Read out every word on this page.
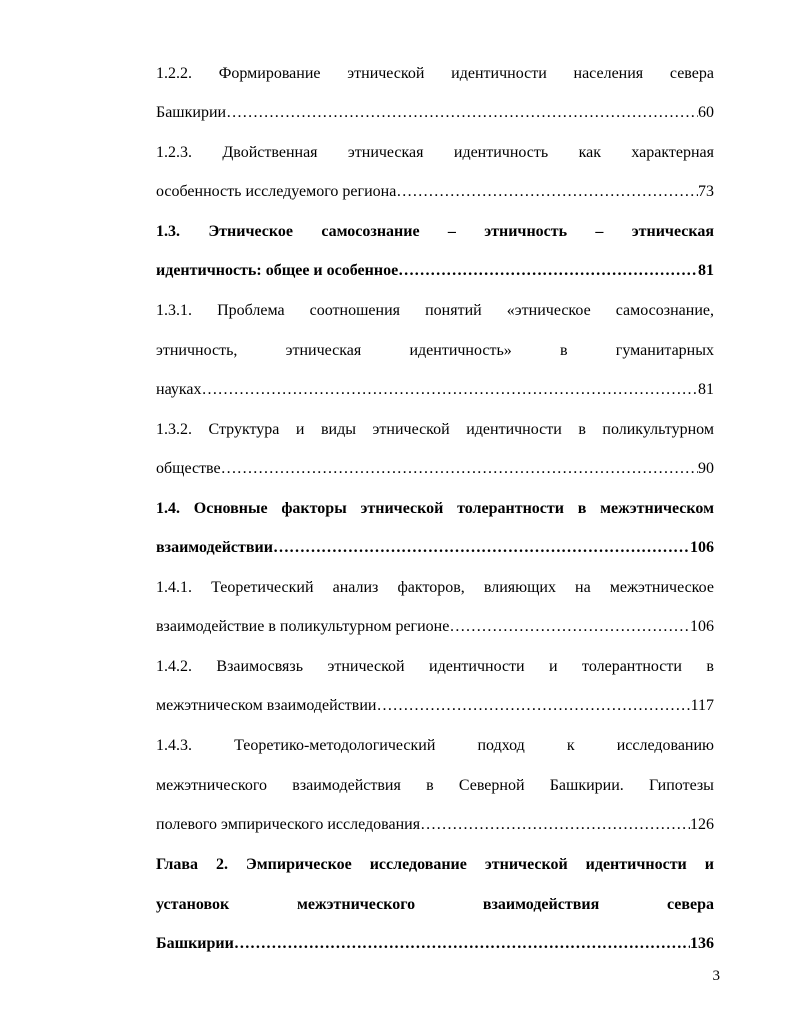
1.2.2. Формирование этнической идентичности населения севера
Башкирии ………………………………………………………………………………………………………………………………………………………………………………	60
1.2.3. Двойственная этническая идентичность как характерная
особенность исследуемого региона ………………………………………………………………………………………………………………………………………………………………………………	73
1.3. Этническое самосознание – этничность – этническая
идентичность: общее и особенное ………………………………………………………………………………………………………………………………………………………………………………	81
1.3.1. Проблема соотношения понятий «этническое самосознание,
этничность,	этническая	идентичность»	в	гуманитарных
науках ………………………………………………………………………………………………………………………………………………………………………………	81
1.3.2. Структура и виды этнической идентичности в поликультурном
обществе ………………………………………………………………………………………………………………………………………………………………………………	90
1.4. Основные факторы этнической толерантности в межэтническом
взаимодействии ………………………………………………………………………………………………………………………………………………………………………………	106
1.4.1. Теоретический анализ факторов, влияющих на межэтническое
взаимодействие в поликультурном регионе ………………………………………………………………………………………………………………………………………………………………………………	106
1.4.2. Взаимосвязь этнической идентичности и толерантности в
межэтническом взаимодействии ………………………………………………………………………………………………………………………………………………………………………………	117
1.4.3.	Теоретико-методологический	подход	к	исследованию
межэтнического взаимодействия в Северной Башкирии. Гипотезы
полевого эмпирического исследования ………………………………………………………………………………………………………………………………………………………………………………	126
Глава 2. Эмпирическое исследование этнической идентичности и
установок	межэтнического	взаимодействия	севера
Башкирии ………………………………………………………………………………………………………………………………………………………………………………	136
3
